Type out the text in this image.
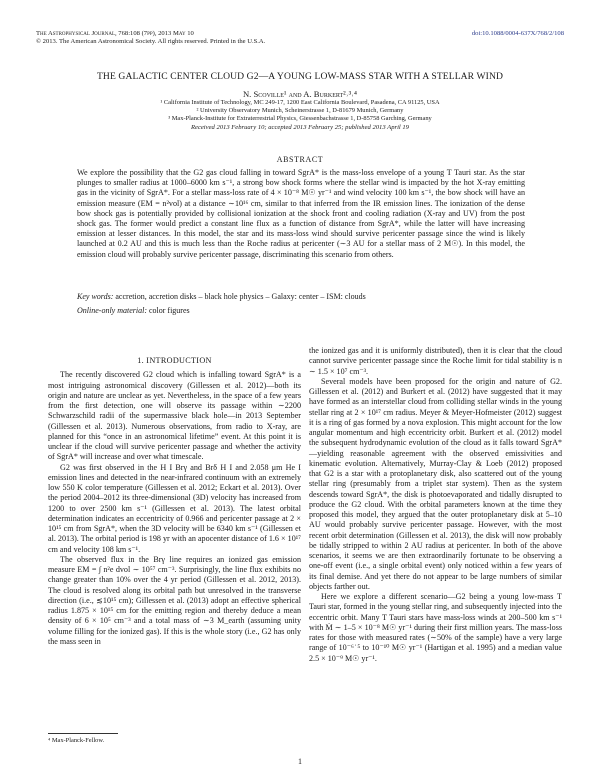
The Astrophysical Journal, 768:108 (7pp), 2013 May 10
© 2013. The American Astronomical Society. All rights reserved. Printed in the U.S.A.
doi:10.1088/0004-637X/768/2/108
THE GALACTIC CENTER CLOUD G2—A YOUNG LOW-MASS STAR WITH A STELLAR WIND
N. Scoville¹ and A. Burkert²˒³˒⁴
¹ California Institute of Technology, MC 249-17, 1200 East California Boulevard, Pasadena, CA 91125, USA
² University Observatory Munich, Scheinerstrasse 1, D-81679 Munich, Germany
³ Max-Planck-Institute for Extraterrestrial Physics, Giessenbachstrasse 1, D-85758 Garching, Germany
Received 2013 February 10; accepted 2013 February 25; published 2013 April 19
ABSTRACT

We explore the possibility that the G2 gas cloud falling in toward SgrA* is the mass-loss envelope of a young T Tauri star. As the star plunges to smaller radius at 1000–6000 km s⁻¹, a strong bow shock forms where the stellar wind is impacted by the hot X-ray emitting gas in the vicinity of SgrA*. For a stellar mass-loss rate of 4 × 10⁻⁸ M☉ yr⁻¹ and wind velocity 100 km s⁻¹, the bow shock will have an emission measure (EM = n²vol) at a distance ∼10¹⁶ cm, similar to that inferred from the IR emission lines. The ionization of the dense bow shock gas is potentially provided by collisional ionization at the shock front and cooling radiation (X-ray and UV) from the post shock gas. The former would predict a constant line flux as a function of distance from SgrA*, while the latter will have increasing emission at lesser distances. In this model, the star and its mass-loss wind should survive pericenter passage since the wind is likely launched at 0.2 AU and this is much less than the Roche radius at pericenter (∼3 AU for a stellar mass of 2 M☉). In this model, the emission cloud will probably survive pericenter passage, discriminating this scenario from others.

Key words: accretion, accretion disks – black hole physics – Galaxy: center – ISM: clouds
Online-only material: color figures
1. INTRODUCTION

The recently discovered G2 cloud which is infalling toward SgrA* is a most intriguing astronomical discovery (Gillessen et al. 2012)—both its origin and nature are unclear as yet. Nevertheless, in the space of a few years from the first detection, one will observe its passage within ∼2200 Schwarzschild radii of the supermassive black hole—in 2013 September (Gillessen et al. 2013). Numerous observations, from radio to X-ray, are planned for this “once in an astronomical lifetime” event. At this point it is unclear if the cloud will survive pericenter passage and whether the activity of SgrA* will increase and over what timescale.

G2 was first observed in the H I Brγ and Brδ H I and 2.058 μm He I emission lines and detected in the near-infrared continuum with an extremely low 550 K color temperature (Gillessen et al. 2012; Eckart et al. 2013). Over the period 2004–2012 its three-dimensional (3D) velocity has increased from 1200 to over 2500 km s⁻¹ (Gillessen et al. 2013). The latest orbital determination indicates an eccentricity of 0.966 and pericenter passage at 2 × 10¹⁵ cm from SgrA*, when the 3D velocity will be 6340 km s⁻¹ (Gillessen et al. 2013). The orbital period is 198 yr with an apocenter distance of 1.6 × 10¹⁷ cm and velocity 108 km s⁻¹.

The observed flux in the Brγ line requires an ionized gas emission measure EM = ∫ n²e dvol ∼ 10⁵⁷ cm⁻³. Surprisingly, the line flux exhibits no change greater than 10% over the 4 yr period (Gillessen et al. 2012, 2013). The cloud is resolved along its orbital path but unresolved in the transverse direction (i.e., ≲10¹⁵ cm); Gillessen et al. (2013) adopt an effective spherical radius 1.875 × 10¹⁵ cm for the emitting region and thereby deduce a mean density of 6 × 10⁵ cm⁻³ and a total mass of ∼3 M_earth (assuming unity volume filling for the ionized gas). If this is the whole story (i.e., G2 has only the mass seen in

the ionized gas and it is uniformly distributed), then it is clear that the cloud cannot survive pericenter passage since the Roche limit for tidal stability is n ∼ 1.5 × 10⁷ cm⁻³.

Several models have been proposed for the origin and nature of G2. Gillessen et al. (2012) and Burkert et al. (2012) have suggested that it may have formed as an interstellar cloud from colliding stellar winds in the young stellar ring at 2 × 10¹⁷ cm radius. Meyer & Meyer-Hofmeister (2012) suggest it is a ring of gas formed by a nova explosion. This might account for the low angular momentum and high eccentricity orbit. Burkert et al. (2012) model the subsequent hydrodynamic evolution of the cloud as it falls toward SgrA*—yielding reasonable agreement with the observed emissivities and kinematic evolution. Alternatively, Murray-Clay & Loeb (2012) proposed that G2 is a star with a protoplanetary disk, also scattered out of the young stellar ring (presumably from a triplet star system). Then as the system descends toward SgrA*, the disk is photoevaporated and tidally disrupted to produce the G2 cloud. With the orbital parameters known at the time they proposed this model, they argued that the outer protoplanetary disk at 5–10 AU would probably survive pericenter passage. However, with the most recent orbit determination (Gillessen et al. 2013), the disk will now probably be tidally stripped to within 2 AU radius at pericenter. In both of the above scenarios, it seems we are then extraordinarily fortunate to be observing a one-off event (i.e., a single orbital event) only noticed within a few years of its final demise. And yet there do not appear to be large numbers of similar objects farther out.

Here we explore a different scenario—G2 being a young low-mass T Tauri star, formed in the young stellar ring, and subsequently injected into the eccentric orbit. Many T Tauri stars have mass-loss winds at 200–500 km s⁻¹ with Ṁ ∼ 1–5 × 10⁻⁸ M☉ yr⁻¹ during their first million years. The mass-loss rates for those with measured rates (∼50% of the sample) have a very large range of 10⁻⁶˙⁵ to 10⁻¹⁰ M☉ yr⁻¹ (Hartigan et al. 1995) and a median value 2.5 × 10⁻⁹ M☉ yr⁻¹.

⁴ Max-Planck-Fellow.
1
